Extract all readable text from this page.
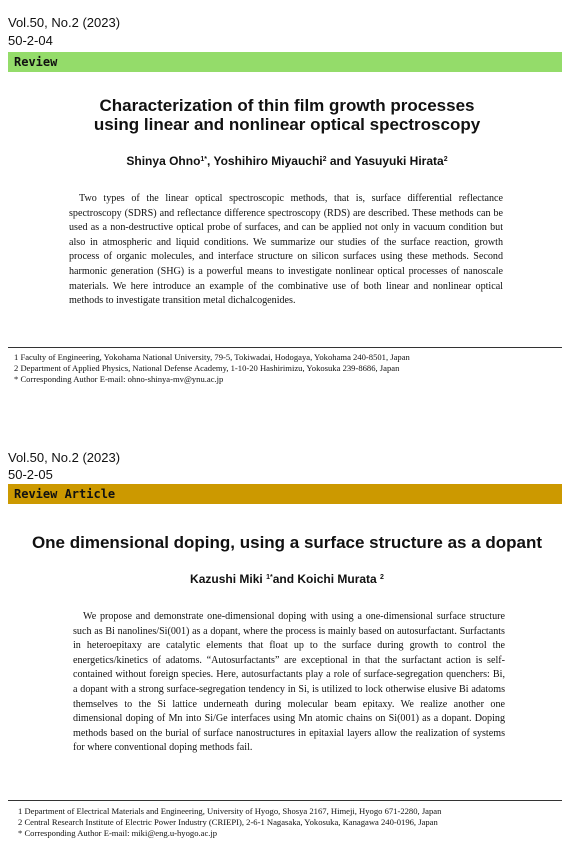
Vol.50, No.2 (2023)
50-2-04
Review
Characterization of thin film growth processes
using linear and nonlinear optical spectroscopy
Shinya Ohno$^{1*}$, Yoshihiro Miyauchi$^2$ and Yasuyuki Hirata$^2$
Two types of the linear optical spectroscopic methods, that is, surface differential reflectance spectroscopy (SDRS) and reflectance difference spectroscopy (RDS) are described. These methods can be used as a non-destructive optical probe of surfaces, and can be applied not only in vacuum condition but also in atmospheric and liquid conditions. We summarize our studies of the surface reaction, growth process of organic molecules, and interface structure on silicon surfaces using these methods. Second harmonic generation (SHG) is a powerful means to investigate nonlinear optical processes of nanoscale materials. We here introduce an example of the combinative use of both linear and nonlinear optical methods to investigate transition metal dichalcogenides.
1 Faculty of Engineering, Yokohama National University, 79-5, Tokiwadai, Hodogaya, Yokohama 240-8501, Japan
2 Department of Applied Physics, National Defense Academy, 1-10-20 Hashirimizu, Yokosuka 239-8686, Japan
* Corresponding Author E-mail: ohno-shinya-mv@ynu.ac.jp
Vol.50, No.2 (2023)
50-2-05
Review Article
One dimensional doping, using a surface structure as a dopant
Kazushi Miki $^{1*}$and Koichi Murata $^2$
We propose and demonstrate one-dimensional doping with using a one-dimensional surface structure such as Bi nanolines/Si(001) as a dopant, where the process is mainly based on autosurfactant. Surfactants in heteroepitaxy are catalytic elements that float up to the surface during growth to control the energetics/kinetics of adatoms. “Autosurfactants” are exceptional in that the surfactant action is self-contained without foreign species. Here, autosurfactants play a role of surface-segregation quenchers: Bi, a dopant with a strong surface-segregation tendency in Si, is utilized to lock otherwise elusive Bi adatoms themselves to the Si lattice underneath during molecular beam epitaxy. We realize another one dimensional doping of Mn into Si/Ge interfaces using Mn atomic chains on Si(001) as a dopant. Doping methods based on the burial of surface nanostructures in epitaxial layers allow the realization of systems for where conventional doping methods fail.
1 Department of Electrical Materials and Engineering, University of Hyogo, Shosya 2167, Himeji, Hyogo 671-2280, Japan
2 Central Research Institute of Electric Power Industry (CRIEPI), 2-6-1 Nagasaka, Yokosuka, Kanagawa 240-0196, Japan
* Corresponding Author E-mail: miki@eng.u-hyogo.ac.jp
